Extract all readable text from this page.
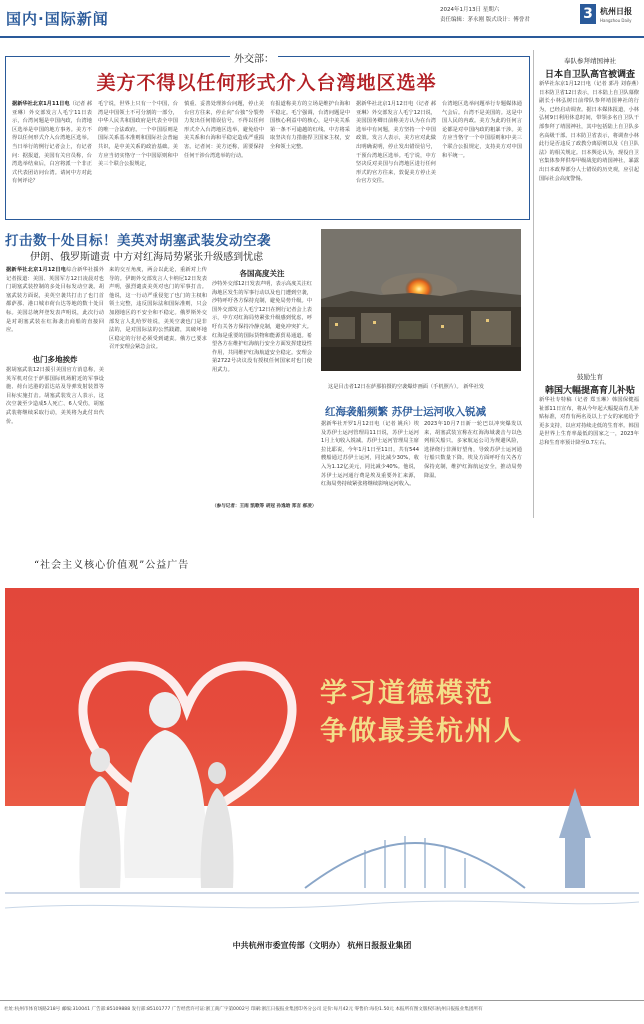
国内·国际新闻	2024年1月13日 星期六
责任编辑：茅永刚 版式设计：傅誉君	3 杭州日报
Hangzhou Daily
外交部：
美方不得以任何形式介入台湾地区选举
据新华社北京1月11日电（记者 郝亚琳）外交部发言人毛宁11日表示，台湾问题是中国内政，台湾地区选举是中国的地方事务。美方不得以任何形式介入台湾地区选举。当日举行的例行记者会上，有记者问：据报道，美国有关官员称，台湾选举结束后，白宫将派一个非正式代表团访问台湾。请问中方对此有何评论？
毛宁说，世界上只有一个中国，台湾是中国领土不可分割的一部分，中华人民共和国政府是代表全中国的唯一合法政府。一个中国原则是国际关系基本准则和国际社会普遍共识，是中美关系的政治基础。美方应当切实恪守一个中国原则和中美三个联合公报规定，
慎重、妥善处理涉台问题，停止美台官方往来，停止向“台独”分裂势力发出任何错误信号。不得以任何形式介入台湾地区选举，避免给中美关系和台海和平稳定造成严重损害。记者问：美方还称，需要保持任何干涉台湾选举的行动。
有报道称美方的立场是维护台海和平稳定。毛宁强调，台湾问题是中国核心利益中的核心，是中美关系第一条不可逾越的红线。中方将采取坚决有力措施捍卫国家主权，安全和领土完整。
据新华社北京1月12日电（记者 郝亚琳）外交部发言人毛宁12日说，美国国务卿日前称美方认为在台湾选举中有问题，美方坚持一个中国政策。发言人表示，美方应对此做出明确说明，停止发出错误信号，干预台湾地区选举。毛宁说，中方坚决反对美国与台湾地区进行任何形式的官方往来，敦促美方停止美台官方交往。
台湾地区选举问题举行专题媒体通气会后。台湾不是美国的。这是中国人民的内政。美方为此的任何言论都是对中国内政的粗暴干涉。美方应当恪守一个中国原则和中美三个联合公报规定，支持美方对中国和平统一。
打击数十处目标！美英对胡塞武装发动空袭
伊朗、俄罗斯谴责 中方对红海局势紧张升级感到忧虑
据新华社北京1月12日电综合新华社援外记者报道：美国、英国军方12日凌晨对也门胡塞武装控制的多处目标发动空袭。胡塞武装方面说，美英空袭共打击了也门首都萨那、港口城市荷台达等地的数十处目标。美国总统拜登发表声明说，此次行动是对胡塞武装在红海袭击商船的直接回应。
也门多地挨炸
据胡塞武装12日援引美国官方消息称，美英军机对位于萨那国际机场附近的军事设施、荷台达港的雷达站及导弹发射装置等目标实施打击。胡塞武装发言人表示，这次空袭至少造成5人死亡、6人受伤，胡塞武装将继续采取行动，美英将为此付出代价。
来的交互角度，两会以此论，重新对上传导的。伊朗外交部发言人卡纳尼12日发表声明，强烈谴责美英对也门的军事打击。他说，这一行动严重侵犯了也门的主权和领土完整，违反国际法和国际准则，只会加剧地区的不安全和不稳定。俄罗斯外交部发言人扎哈罗娃说，美英空袭也门是非法的，是对国际法的公然践踏，其破坏地区稳定的行径必须受到谴责。俄方已要求召开安理会紧急会议。
各国高度关注
沙特外交部12日发表声明，表示高度关注红海地区发生的军事行动以及也门遭到空袭，沙特呼吁各方保持克制，避免局势升级。中国外交部发言人毛宁12日在例行记者会上表示，中方对红海局势紧张升级感到忧虑，呼吁有关各方保持冷静克制，避免冲突扩大。红海是重要的国际货物和能源贸易通道。希望各方在维护红海航行安全方面发挥建设性作用，共同维护红海航道安全稳定。安理会第2722号决议没有授权任何国家对也门使用武力。
（参与记者：王雨 凯歌等 胡冠 孙逸晗 郑言 郝凌）
这是目击者12日在萨那拍摄的空袭爆炸画面（手机照片）。 新华社发
红海袭船频繁 苏伊士运河收入锐减
据新华社开罗1月12日电（记者 姚兵）埃及苏伊士运河管理局11日说，苏伊士运河1月上旬收入锐减。苏伊士运河管理局主席拉比耶说，今年1月1日至11日，共有544艘船通过苏伊士运河，同比减少30%，收入为1.12亿美元，同比减少40%。他说，苏伊士运河通行费是埃及重要外汇来源，红海局势持续紧张将继续影响运河收入。
2023年10月7日新一轮巴以冲突爆发以来，胡塞武装宣称在红海海域袭击与以色列相关船只。多家航运公司为规避风险，选择绕行非洲好望角，导致苏伊士运河通行船只数量下降。埃及方面呼吁有关各方保持克制，维护红海航运安全，推动局势降温。
奉队参拜靖国神社
日本自卫队高官被调查
新华社东京1月12日电（记者 郭丹 刘春燕）日本防卫省12日表示，日本陆上自卫队幕僚副长小林弘树日前带队参拜靖国神社的行为，已经启动调查。据日本媒体报道，小林弘树9日利用休息时间，带领多名自卫队干部参拜了靖国神社，其中包括陆上自卫队多名高级干部。日本防卫省表示，将调查小林此行是否违反了政教分离原则以及《自卫队法》的相关规定。日本舆论认为，现役自卫官集体参拜供奉甲级战犯的靖国神社，暴露出日本政界部分人士错误的历史观，应引起国际社会高度警惕。
鼓励生育
韩国大幅提高育儿补贴
新华社专特稿（记者 郑玉琳）韩国保健福祉部11日宣布，将从今年起大幅提高育儿补贴标准，对育有两名及以上子女的家庭给予更多支持，以应对持续走低的生育率。韩国是世界上生育率最低的国家之一，2023年总和生育率预计降至0.7左右。
“社会主义核心价值观”公益广告
学习道德模范
争做最美杭州人
中共杭州市委宣传部（文明办） 杭州日报报业集团
社址:杭州市体育场路218号 邮编:310041 广告部:85109888 发行部:85101777 广告经营许可证:浙工商广字第0002号 印刷:浙江日报报业集团印务分公司 定价:每月42元 零售价:每份1.50元 本报所有图文版权归杭州日报报业集团所有
